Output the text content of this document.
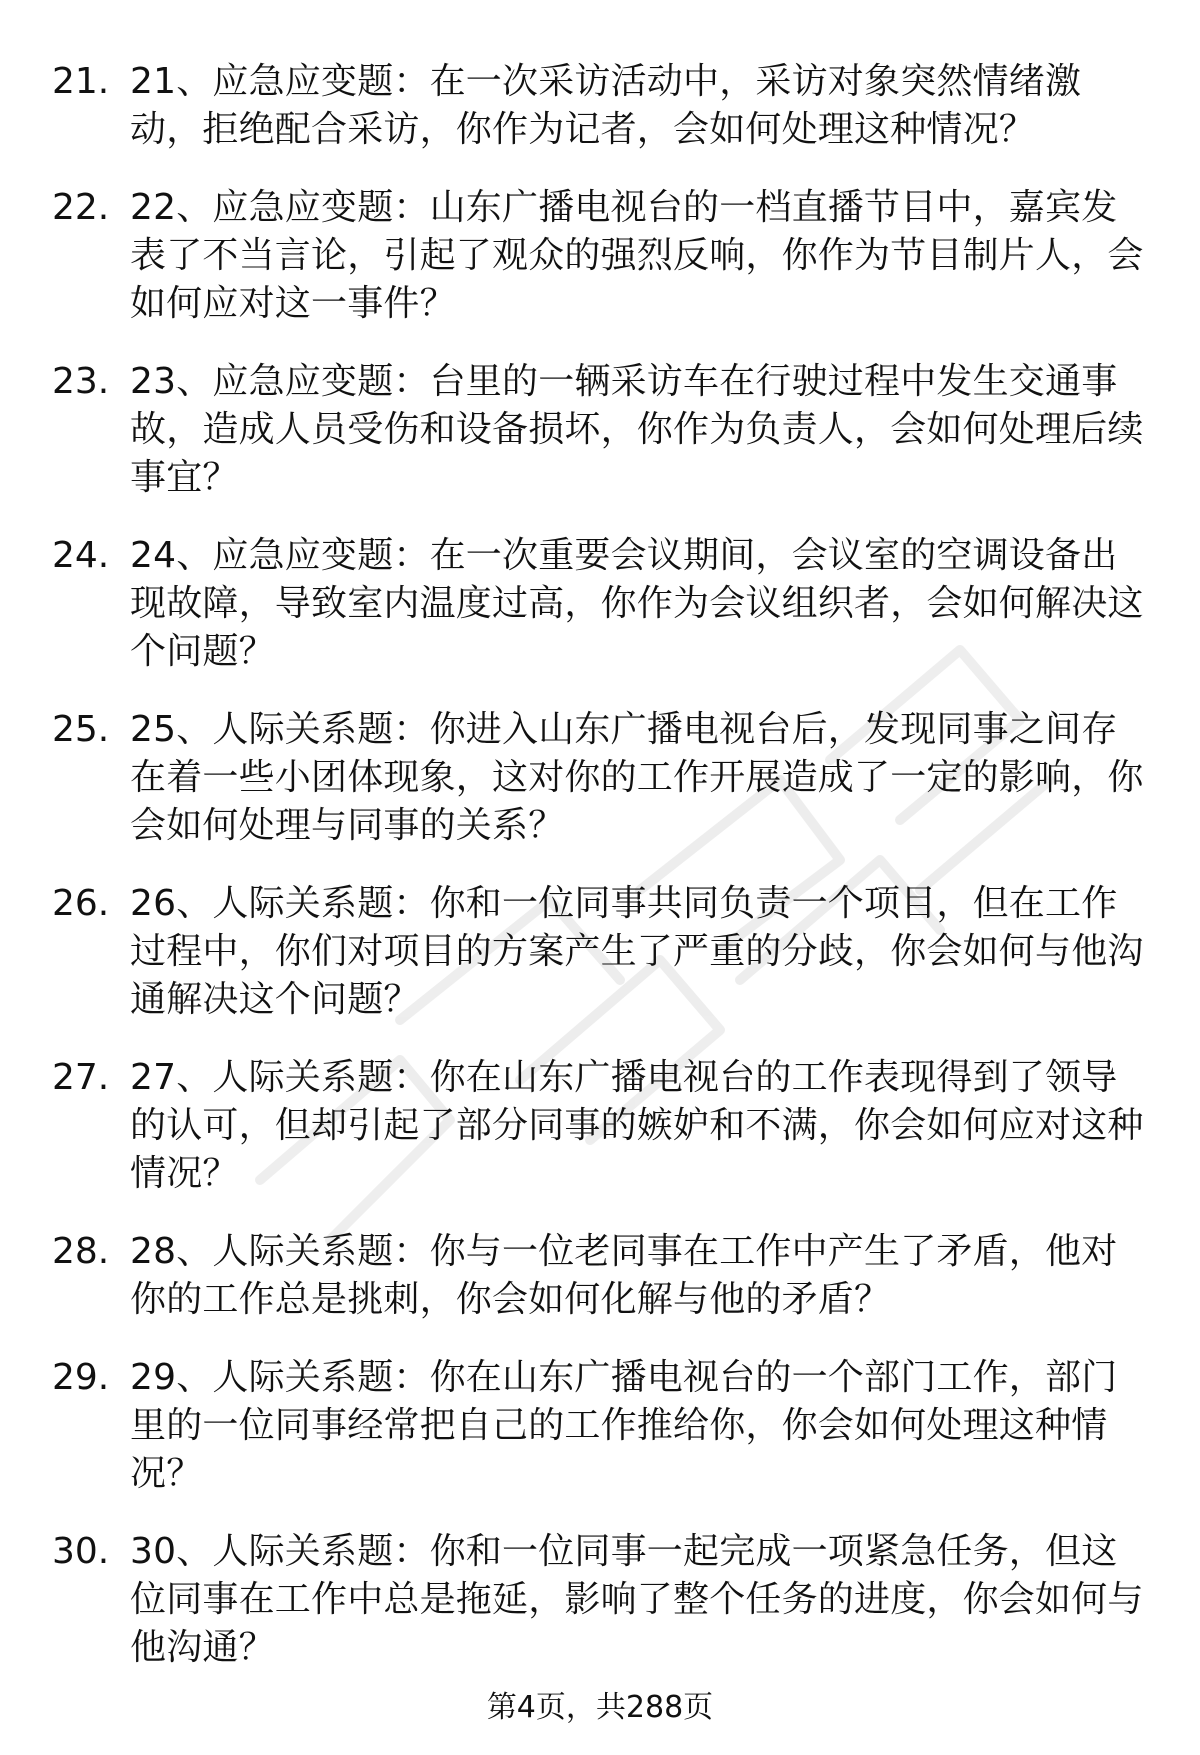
21. 21、应急应变题：在一次采访活动中，采访对象突然情绪激动，拒绝配合采访，你作为记者，会如何处理这种情况？
22. 22、应急应变题：山东广播电视台的一档直播节目中，嘉宾发表了不当言论，引起了观众的强烈反响，你作为节目制片人，会如何应对这一事件？
23. 23、应急应变题：台里的一辆采访车在行驶过程中发生交通事故，造成人员受伤和设备损坏，你作为负责人，会如何处理后续事宜？
24. 24、应急应变题：在一次重要会议期间，会议室的空调设备出现故障，导致室内温度过高，你作为会议组织者，会如何解决这个问题？
25. 25、人际关系题：你进入山东广播电视台后，发现同事之间存在着一些小团体现象，这对你的工作开展造成了一定的影响，你会如何处理与同事的关系？
26. 26、人际关系题：你和一位同事共同负责一个项目，但在工作过程中，你们对项目的方案产生了严重的分歧，你会如何与他沟通解决这个问题？
27. 27、人际关系题：你在山东广播电视台的工作表现得到了领导的认可，但却引起了部分同事的嫉妒和不满，你会如何应对这种情况？
28. 28、人际关系题：你与一位老同事在工作中产生了矛盾，他对你的工作总是挑刺，你会如何化解与他的矛盾？
29. 29、人际关系题：你在山东广播电视台的一个部门工作，部门里的一位同事经常把自己的工作推给你，你会如何处理这种情况？
30. 30、人际关系题：你和一位同事一起完成一项紧急任务，但这位同事在工作中总是拖延，影响了整个任务的进度，你会如何与他沟通？
第4页，共288页
